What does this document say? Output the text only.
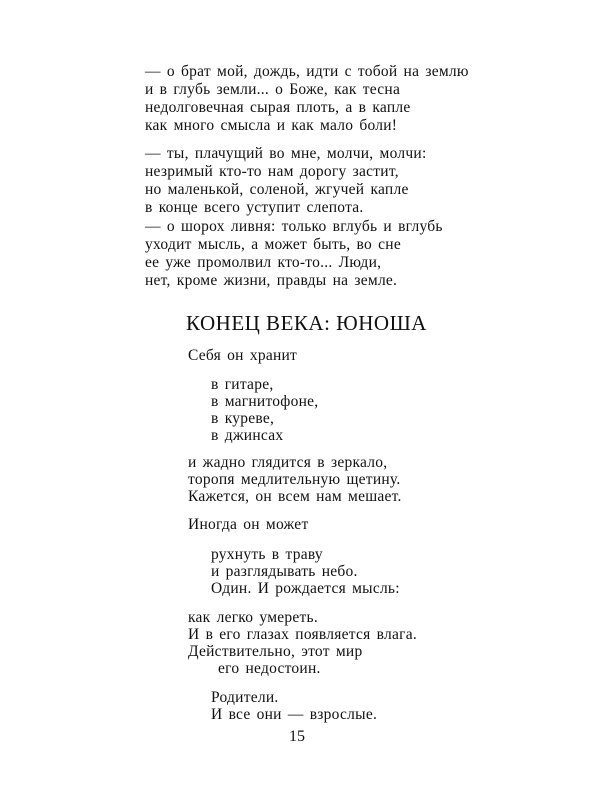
— о брат мой, дождь, идти с тобой на землю
и в глубь земли... о Боже, как тесна
недолговечная сырая плоть, а в капле
как много смысла и как мало боли!
— ты, плачущий во мне, молчи, молчи:
незримый кто-то нам дорогу застит,
но маленькой, соленой, жгучей капле
в конце всего уступит слепота.
— о шорох ливня: только вглубь и вглубь
уходит мысль, а может быть, во сне
ее уже промолвил кто-то... Люди,
нет, кроме жизни, правды на земле.
КОНЕЦ ВЕКА: ЮНОША
Себя он хранит
в гитаре,
в магнитофоне,
в куреве,
в джинсах
и жадно глядится в зеркало,
торопя медлительную щетину.
Кажется, он всем нам мешает.
Иногда он может
рухнуть в траву
и разглядывать небо.
Один. И рождается мысль:
как легко умереть.
И в его глазах появляется влага.
Действительно, этот мир
его недостоин.
Родители.
И все они — взрослые.
15
